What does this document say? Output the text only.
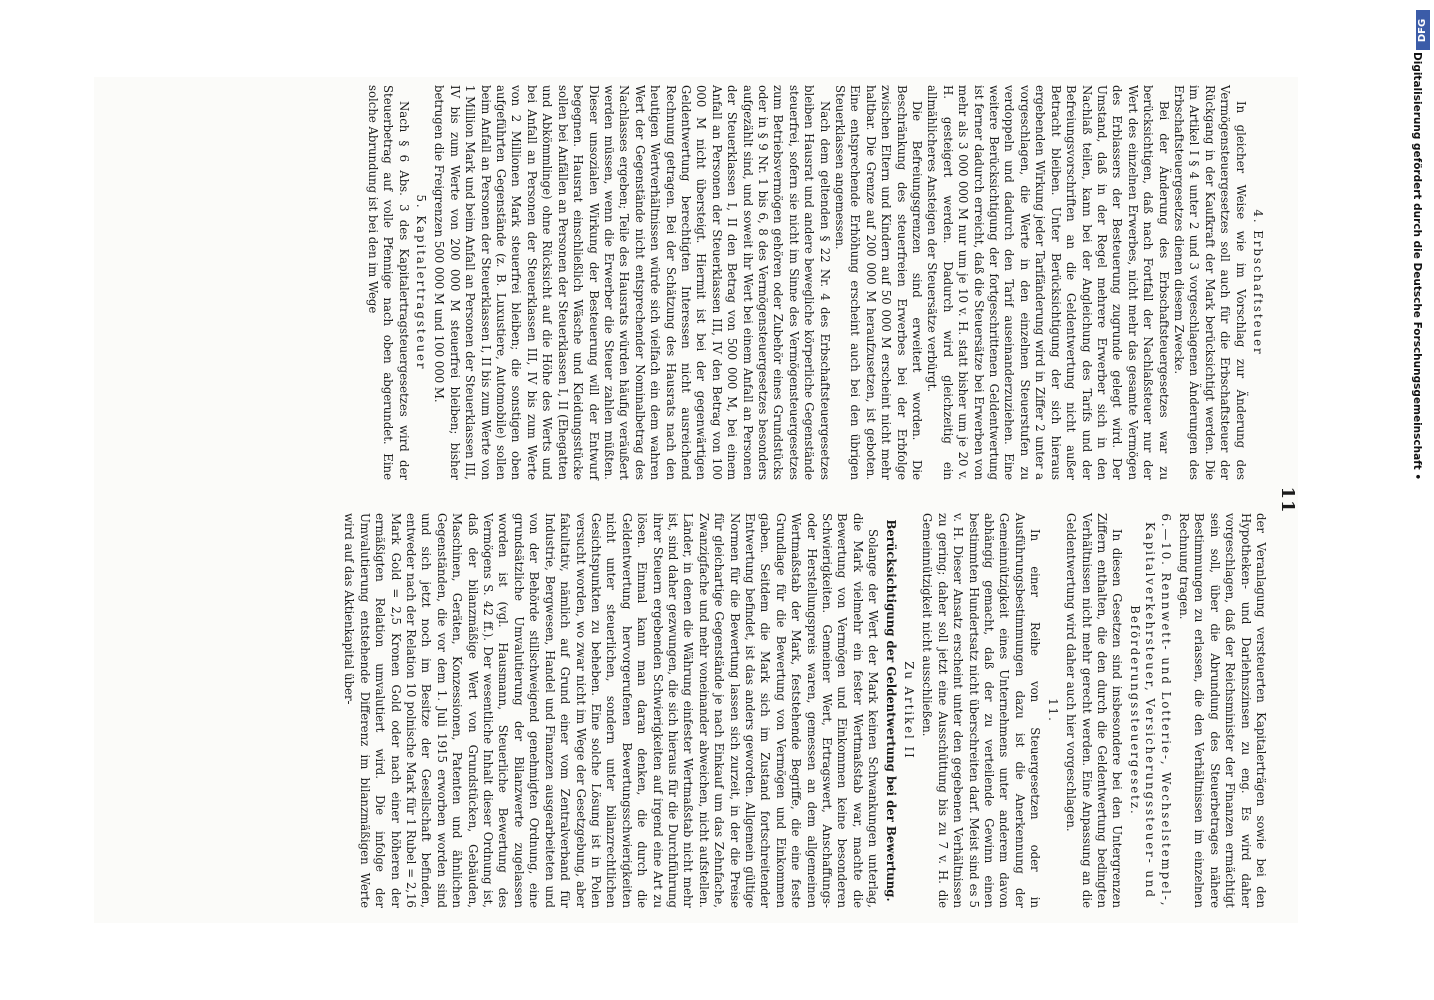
11
4. Erbschaftsteuer

In gleicher Weise wie im Vorschlag zur Änderung des Vermögensteuergesetzes soll auch für die Erbschaftsteuer der Rückgang in der Kaufkraft der Mark berücksichtigt werden. Die im Artikel I § 4 unter 2 und 3 vorgeschlagenen Änderungen des Erbschaftsteuergesetzes dienen diesem Zwecke.

Bei der Änderung des Erbschaftsteuergesetzes war zu berücksichtigen, daß nach Fortfall der Nachlaßsteuer nur der Wert des einzelnen Erwerbes, nicht mehr das gesamte Vermögen des Erblassers der Besteuerung zugrunde gelegt wird. Der Umstand, daß in der Regel mehrere Erwerber sich in den Nachlaß teilen, kann bei der Angleichung des Tarifs und der Befreiungsvorschriften an die Geldentwertung nicht außer Betracht bleiben. Unter Berücksichtigung der sich hieraus ergebenden Wirkung jeder Tarifänderung wird in Ziffer 2 unter a vorgeschlagen, die Werte in den einzelnen Steuerstufen zu verdoppeln und dadurch den Tarif auseinanderzuziehen. Eine weitere Berücksichtigung der fortgeschrittenen Geldentwertung ist ferner dadurch erreicht, daß die Steuersätze bei Erwerben von mehr als 3 000 000 M nur um je 10 v. H. statt bisher um je 20 v. H. gesteigert werden. Dadurch wird gleichzeitig ein allmählicheres Ansteigen der Steuersätze verbürgt.

Die Befreiungsgrenzen sind erweitert worden. Die Beschränkung des steuerfreien Erwerbes bei der Erbfolge zwischen Eltern und Kindern auf 50 000 M erscheint nicht mehr haltbar. Die Grenze auf 200 000 M heraufzusetzen, ist geboten. Eine entsprechende Erhöhung erscheint auch bei den übrigen Steuerklassen angemessen.

Nach dem geltenden § 22 Nr. 4 des Erbschaftsteuergesetzes bleiben Hausrat und andere bewegliche körperliche Gegenstände steuerfrei, sofern sie nicht im Sinne des Vermögensteuergesetzes zum Betriebsvermögen gehören oder Zubehör eines Grundstücks oder in § 9 Nr. 1 bis 6, 8 des Vermögensteuergesetzes besonders aufgezählt sind, und soweit ihr Wert bei einem Anfall an Personen der Steuerklassen I, II den Betrag von 500 000 M, bei einem Anfall an Personen der Steuerklassen III, IV den Betrag von 100 000 M nicht übersteigt. Hiermit ist bei der gegenwärtigen Geldentwertung berechtigten Interessen nicht ausreichend Rechnung getragen. Bei der Schätzung des Hausrats nach den heutigen Wertverhältnissen würde sich vielfach ein dem wahren Wert der Gegenstände nicht entsprechender Nominalbetrag des Nachlasses ergeben; Teile des Hausrats würden häufig veräußert werden müssen, wenn die Erwerber die Steuer zahlen müßten. Dieser unsozialen Wirkung der Besteuerung will der Entwurf begegnen. Hausrat einschließlich Wäsche und Kleidungsstücke sollen bei Anfällen an Personen der Steuerklassen I, II (Ehegatten und Abkömmlinge) ohne Rücksicht auf die Höhe des Werts und bei Anfall an Personen der Steuerklassen III, IV bis zum Werte von 2 Millionen Mark steuerfrei bleiben; die sonstigen oben aufgeführten Gegenstände (z. B. Luxustiere, Automobile) sollen beim Anfall an Personen der Steuerklassen I, II bis zum Werte von 1 Million Mark und beim Anfall an Personen der Steuerklassen III, IV bis zum Werte von 200 000 M steuerfrei bleiben; bisher betrugen die Freigrenzen 500 000 M und 100 000 M.

5. Kapitalertragsteuer

Nach § 6 Abs. 3 des Kapitalertragsteuergesetzes wird der Steuerbetrag auf volle Pfennige nach oben abgerundet. Eine solche Abrundung ist bei den im Wege

der Veranlagung versteuerten Kapitalerträgen sowie bei den Hypotheken- und Darlehnszinsen zu eng. Es wird daher vorgeschlagen, daß der Reichsminister der Finanzen ermächtigt sein soll, über die Abrundung des Steuerbetrages nähere Bestimmungen zu erlassen, die den Verhältnissen im einzelnen Rechnung tragen.

6.—10. Rennwett- und Lotterie-, Wechselstempel-, Kapitalverkehrsteuer, Versicherungssteuer- und Beförderungssteuergesetz.

In diesen Gesetzen sind insbesondere bei den Untergrenzen Ziffern enthalten, die den durch die Geldentwertung bedingten Verhältnissen nicht mehr gerecht werden. Eine Anpassung an die Geldentwertung wird daher auch hier vorgeschlagen.

11.

In einer Reihe von Steuergesetzen oder in Ausführungsbestimmungen dazu ist die Anerkennung der Gemeinnützigkeit eines Unternehmens unter anderem davon abhängig gemacht, daß der zu verteilende Gewinn einen bestimmten Hundertsatz nicht überschreiten darf. Meist sind es 5 v. H. Dieser Ansatz erscheint unter den gegebenen Verhältnissen zu gering; daher soll jetzt eine Ausschüttung bis zu 7 v. H. die Gemeinnützigkeit nicht ausschließen.

Zu Artikel II
Berücksichtigung der Geldentwertung bei der Bewertung.

Solange der Wert der Mark keinen Schwankungen unterlag, die Mark vielmehr ein fester Wertmaßstab war, machte die Bewertung von Vermögen und Einkommen keine besonderen Schwierigkeiten. Gemeiner Wert, Ertragswert, Anschaffungs- oder Herstellungspreis waren, gemessen an dem allgemeinen Wertmaßstab der Mark, feststehende Begriffe, die eine feste Grundlage für die Bewertung von Vermögen und Einkommen gaben. Seitdem die Mark sich im Zustand fortschreitender Entwertung befindet, ist das anders geworden. Allgemein gültige Normen für die Bewertung lassen sich zurzeit, in der die Preise für gleichartige Gegenstände je nach Einkauf um das Zehnfache, Zwanzigfache und mehr voneinander abweichen, nicht aufstellen. Länder, in denen die Währung einfester Wertmaßstab nicht mehr ist, sind daher gezwungen, die sich hieraus für die Durchführung ihrer Steuern ergebenden Schwierigkeiten auf irgend eine Art zu lösen. Einmal kann man daran denken, die durch die Geldentwertung hervorgerufenen Bewertungsschwierigkeiten nicht unter steuerlichen, sondern unter bilanzrechtlichen Gesichtspunkten zu beheben. Eine solche Lösung ist in Polen versucht worden, wo zwar nicht im Wege der Gesetzgebung, aber fakultativ, nämlich auf Grund einer vom Zentralverband für Industrie, Bergwesen, Handel und Finanzen ausgearbeiteten und von der Behörde stillschweigend genehmigten Ordnung, eine grundsätzliche Umvalutierung der Bilanzwerte zugelassen worden ist (vgl. Hausmann, Steuerliche Bewertung des Vermögens S. 42 ff.). Der wesentliche Inhalt dieser Ordnung ist, daß der bilanzmäßige Wert von Grundstücken, Gebäuden, Maschinen, Geräten, Konzessionen, Patenten und ähnlichen Gegenständen, die vor dem 1. Juli 1915 erworben worden sind und sich jetzt noch im Besitze der Gesellschaft befinden, entweder nach der Relation 10 polnische Mark für 1 Rubel = 2,16 Mark Gold = 2,5 Kronen Gold oder nach einer höheren der ermäßigten Relation umvalutiert wird. Die infolge der Umvalutierung entstehende Differenz im bilanzmäßigen Werte wird auf das Aktienkapital über-

DFG
Digitalisierung gefördert durch die Deutsche Forschungsgemeinschaft •
